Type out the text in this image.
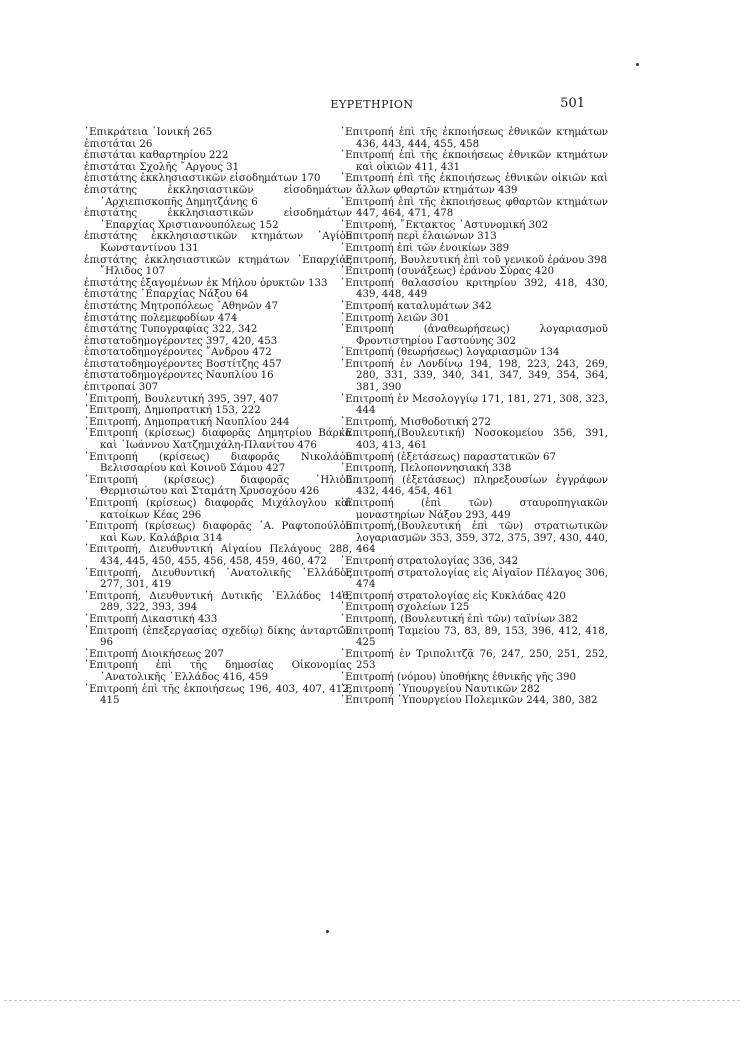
ΕΥΡΕΤΗΡΙΟΝ	501
᾿Επικράτεια ᾿Ιονική 265
ἐπιστάται 26
ἐπιστάται καθαρτηρίου 222
ἐπιστάται Σχολῆς ῎Αργους 31
ἐπιστάτης ἐκκλησιαστικῶν εἰσοδημάτων 170
ἐπιστάτης ἐκκλησιαστικῶν εἰσοδημάτων ᾿Αρχιεπισκοπῆς Δημητζάνης 6
ἐπιστάτης ἐκκλησιαστικῶν εἰσοδημάτων ᾿Επαρχίας Χριστιανουπόλεως 152
ἐπιστάτης ἐκκλησιαστικῶν κτημάτων ῾Αγίου Κωνσταντίνου 131
ἐπιστάτης ἐκκλησιαστικῶν κτημάτων ᾿Επαρχίας ῎Ηλιδος 107
ἐπιστάτης ἐξαγομένων ἐκ Μήλου ὀρυκτῶν 133
ἐπιστάτης ᾿Επαρχίας Νάξου 64
ἐπιστάτης Μητροπόλεως ᾿Αθηνῶν 47
ἐπιστάτης πολεμεφοδίων 474
ἐπιστάτης Τυπογραφίας 322, 342
ἐπιστατοδημογέροντες 397, 420, 453
ἐπιστατοδημογέροντες ῎Ανδρου 472
ἐπιστατοδημογέροντες Βοστίτζης 457
ἐπιστατοδημογέροντες Ναυπλίου 16
ἐπιτροπαί 307
᾿Επιτροπή, Βουλευτική 395, 397, 407
᾿Επιτροπή, Δημοπρατική 153, 222
᾿Επιτροπή, Δημοπρατική Ναυπλίου 244
᾿Επιτροπή (κρίσεως) διαφορᾶς Δημητρίου Βάρκα καὶ ᾿Ιωάννου Χατζημιχάλη-Πλανίτου 476
᾿Επιτροπή (κρίσεως) διαφορᾶς Νικολάου Βελισσαρίου καὶ Κοινοῦ Σάμου 427
᾿Επιτροπή (κρίσεως) διαφορᾶς ῾Ηλιοῦ Θερμισιώτου καὶ Σταμάτη Χρυσοχόου 426
᾿Επιτροπή (κρίσεως) διαφορᾶς Μιχάλογλου καὶ κατοίκων Κέας 296
᾿Επιτροπή (κρίσεως) διαφορᾶς ᾿Α. Ραφτοπούλου καὶ Κων. Καλάβρια 314
᾿Επιτροπή, Διευθυντική Αἰγαίου Πελάγους 288, 434, 445, 450, 455, 456, 458, 459, 460, 472
᾿Επιτροπή, Διευθυντική ᾿Ανατολικῆς ῾Ελλάδος 277, 301, 419
᾿Επιτροπή, Διευθυντική Δυτικῆς ῾Ελλάδος 146, 289, 322, 393, 394
᾿Επιτροπή Δικαστική 433
᾿Επιτροπή (ἐπεξεργασίας σχεδίῳ) δίκης ἀνταρτῶν 96
᾿Επιτροπή Διοικήσεως 207
᾿Επιτροπή ἐπὶ τῆς δημοσίας Οἰκονομίας ᾿Ανατολικῆς ῾Ελλάδος 416, 459
᾿Επιτροπή ἐπὶ τῆς ἐκποιήσεως 196, 403, 407, 412, 415
᾿Επιτροπή ἐπὶ τῆς ἐκποιήσεως ἐθνικῶν κτημάτων 436, 443, 444, 455, 458
᾿Επιτροπή ἐπὶ τῆς ἐκποιήσεως ἐθνικῶν κτημάτων καὶ οἰκιῶν 411, 431
᾿Επιτροπή ἐπὶ τῆς ἐκποιήσεως ἐθνικῶν οἰκιῶν καὶ ἄλλων φθαρτῶν κτημάτων 439
᾿Επιτροπή ἐπὶ τῆς ἐκποιήσεως φθαρτῶν κτημάτων 447, 464, 471, 478
᾿Επιτροπή, ῎Εκτακτος ᾿Αστυνομική 302
᾿Επιτροπή περὶ ἐλαιώνων 313
᾿Επιτροπή ἐπὶ τῶν ἐνοικίων 389
᾿Επιτροπή, Βουλευτική ἐπὶ τοῦ γενικοῦ ἐράνου 398
᾿Επιτροπή (συνάξεως) ἐράνου Σύρας 420
᾿Επιτροπή θαλασσίου κριτηρίου 392, 418, 430, 439, 448, 449
᾿Επιτροπή καταλυμάτων 342
᾿Επιτροπή λειῶν 301
᾿Επιτροπή (ἀναθεωρήσεως) λογαριασμοῦ Φροντιστηρίου Γαστούνης 302
᾿Επιτροπή (θεωρήσεως) λογαριασμῶν 134
᾿Επιτροπή ἐν Λονδίνῳ 194, 198, 223, 243, 269, 280, 331, 339, 340, 341, 347, 349, 354, 364, 381, 390
᾿Επιτροπή ἐν Μεσολογγίῳ 171, 181, 271, 308, 323, 444
᾿Επιτροπή, Μισθοδοτική 272
᾿Επιτροπή,(Βουλευτική) Νοσοκομείου 356, 391, 403, 413, 461
᾿Επιτροπή (ἐξετάσεως) παραστατικῶν 67
᾿Επιτροπή, Πελοποννησιακή 338
᾿Επιτροπή (ἐξετάσεως) πληρεξουσίων ἐγγράφων 432, 446, 454, 461
᾿Επιτροπή (ἐπὶ τῶν) σταυροπηγιακῶν μοναστηρίων Νάξου 293, 449
᾿Επιτροπή,(Βουλευτική ἐπὶ τῶν) στρατιωτικῶν λογαριασμῶν 353, 359, 372, 375, 397, 430, 440, 464
᾿Επιτροπή στρατολογίας 336, 342
᾿Επιτροπή στρατολογίας εἰς Αἰγαῖον Πέλαγος 306, 474
᾿Επιτροπή στρατολογίας εἰς Κυκλάδας 420
᾿Επιτροπή σχολείων 125
᾿Επιτροπή, (Βουλευτική ἐπὶ τῶν) ταϊνίων 382
᾿Επιτροπή Ταμείου 73, 83, 89, 153, 396, 412, 418, 425
᾿Επιτροπή ἐν Τριπολιτζᾷ 76, 247, 250, 251, 252, 253
᾿Επιτροπή (νόμου) ὑποθήκης ἐθνικῆς γῆς 390
᾿Επιτροπή ῾Υπουργείου Ναυτικῶν 282
᾿Επιτροπή ῾Υπουργείου Πολεμικῶν 244, 380, 382
